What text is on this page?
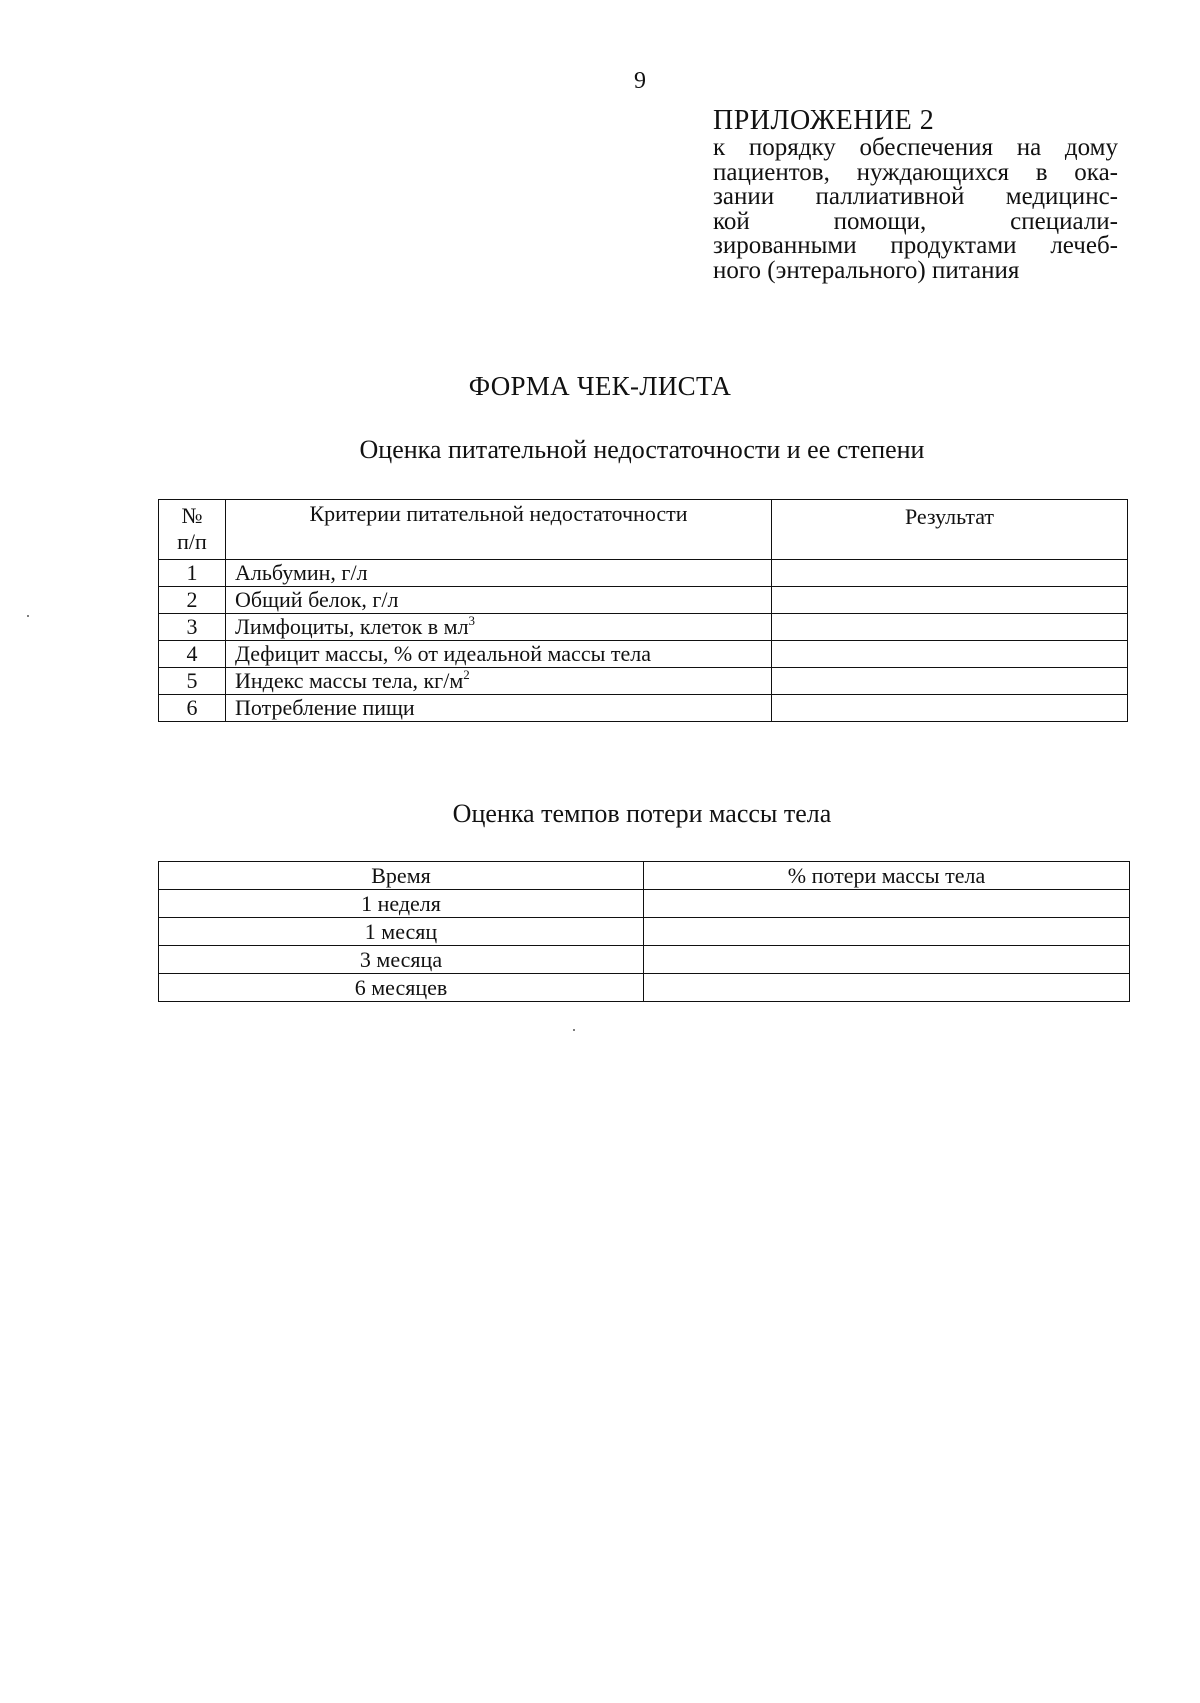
9
ПРИЛОЖЕНИЕ 2
к порядку обеспечения на дому
пациентов, нуждающихся в ока-
зании паллиативной медицинс-
кой помощи, специали-
зированными продуктами лечеб-
ного (энтерального) питания
ФОРМА ЧЕК-ЛИСТА
Оценка питательной недостаточности и ее степени
№
п/п	Критерии питательной недостаточности	Результат
1	Альбумин, г/л	
2	Общий белок, г/л	
3	Лимфоциты, клеток в $мл^3$	
4	Дефицит массы, % от идеальной массы тела	
5	Индекс массы тела, $кг/м^2$	
6	Потребление пищи	
Оценка темпов потери массы тела
Время	% потери массы тела
1 неделя	
1 месяц	
3 месяца	
6 месяцев	
